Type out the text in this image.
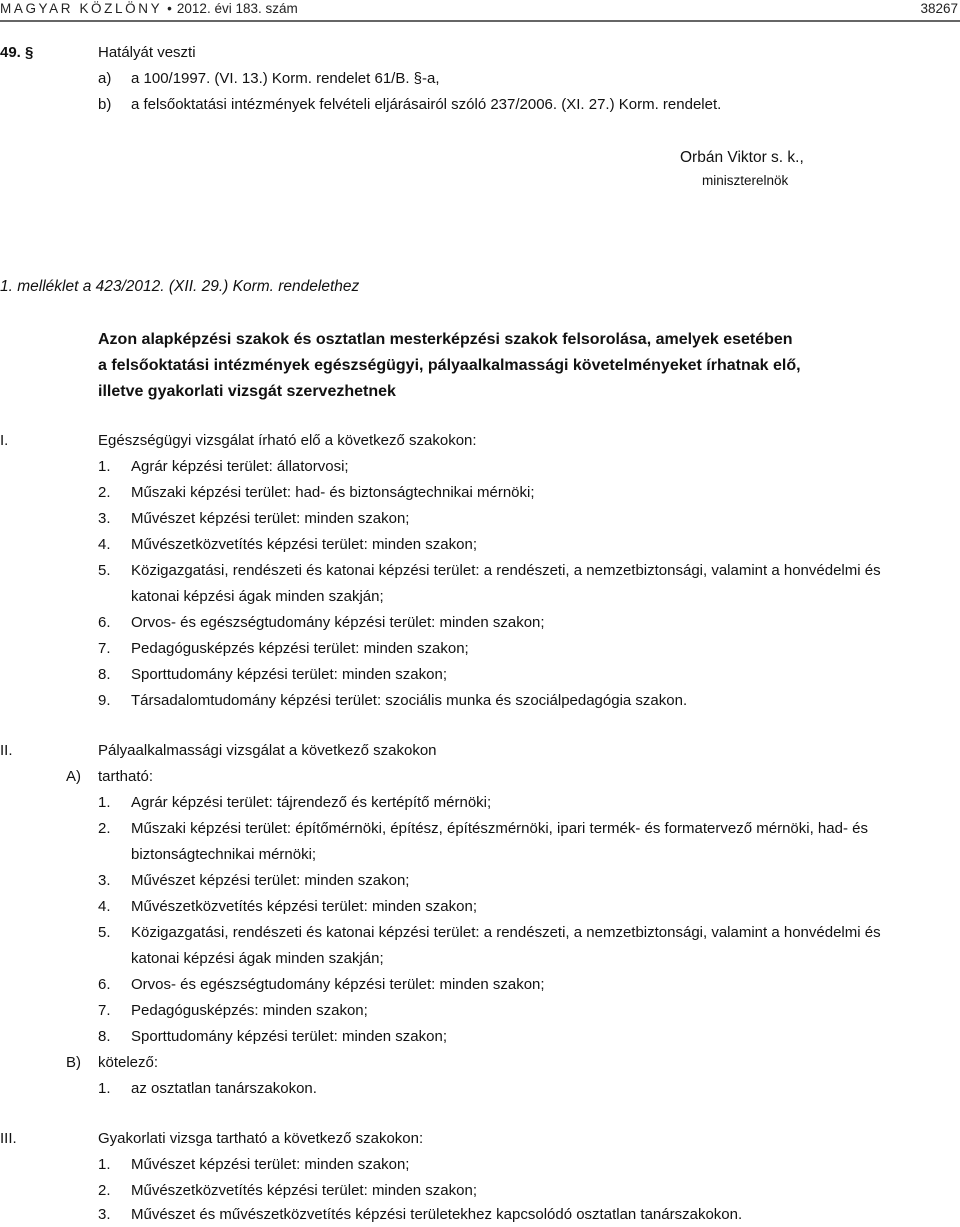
MAGYAR KÖZLÖNY • 2012. évi 183. szám	38267
49. §	Hatályát veszti
a) a 100/1997. (VI. 13.) Korm. rendelet 61/B. §-a,
b) a felsőoktatási intézmények felvételi eljárásairól szóló 237/2006. (XI. 27.) Korm. rendelet.
Orbán Viktor s. k.,
miniszterelnök
1. melléklet a 423/2012. (XII. 29.) Korm. rendelethez
Azon alapképzési szakok és osztatlan mesterképzési szakok felsorolása, amelyek esetében
a felsőoktatási intézmények egészségügyi, pályaalkalmassági követelményeket írhatnak elő,
illetve gyakorlati vizsgát szervezhetnek
I.	Egészségügyi vizsgálat írható elő a következő szakokon:
1. Agrár képzési terület: állatorvosi;
2. Műszaki képzési terület: had- és biztonságtechnikai mérnöki;
3. Művészet képzési terület: minden szakon;
4. Művészetközvetítés képzési terület: minden szakon;
5. Közigazgatási, rendészeti és katonai képzési terület: a rendészeti, a nemzetbiztonsági, valamint a honvédelmi és
katonai képzési ágak minden szakján;
6. Orvos- és egészségtudomány képzési terület: minden szakon;
7. Pedagógusképzés képzési terület: minden szakon;
8. Sporttudomány képzési terület: minden szakon;
9. Társadalomtudomány képzési terület: szociális munka és szociálpedagógia szakon.
II.	Pályaalkalmassági vizsgálat a következő szakokon
A) tartható:
1. Agrár képzési terület: tájrendező és kertépítő mérnöki;
2. Műszaki képzési terület: építőmérnöki, építész, építészmérnöki, ipari termék- és formatervező mérnöki, had- és
biztonságtechnikai mérnöki;
3. Művészet képzési terület: minden szakon;
4. Művészetközvetítés képzési terület: minden szakon;
5. Közigazgatási, rendészeti és katonai képzési terület: a rendészeti, a nemzetbiztonsági, valamint a honvédelmi és
katonai képzési ágak minden szakján;
6. Orvos- és egészségtudomány képzési terület: minden szakon;
7. Pedagógusképzés: minden szakon;
8. Sporttudomány képzési terület: minden szakon;
B) kötelező:
1. az osztatlan tanárszakokon.
III.	Gyakorlati vizsga tartható a következő szakokon:
1. Művészet képzési terület: minden szakon;
2. Művészetközvetítés képzési terület: minden szakon;
3. Művészet és művészetközvetítés képzési területekhez kapcsolódó osztatlan tanárszakokon.
